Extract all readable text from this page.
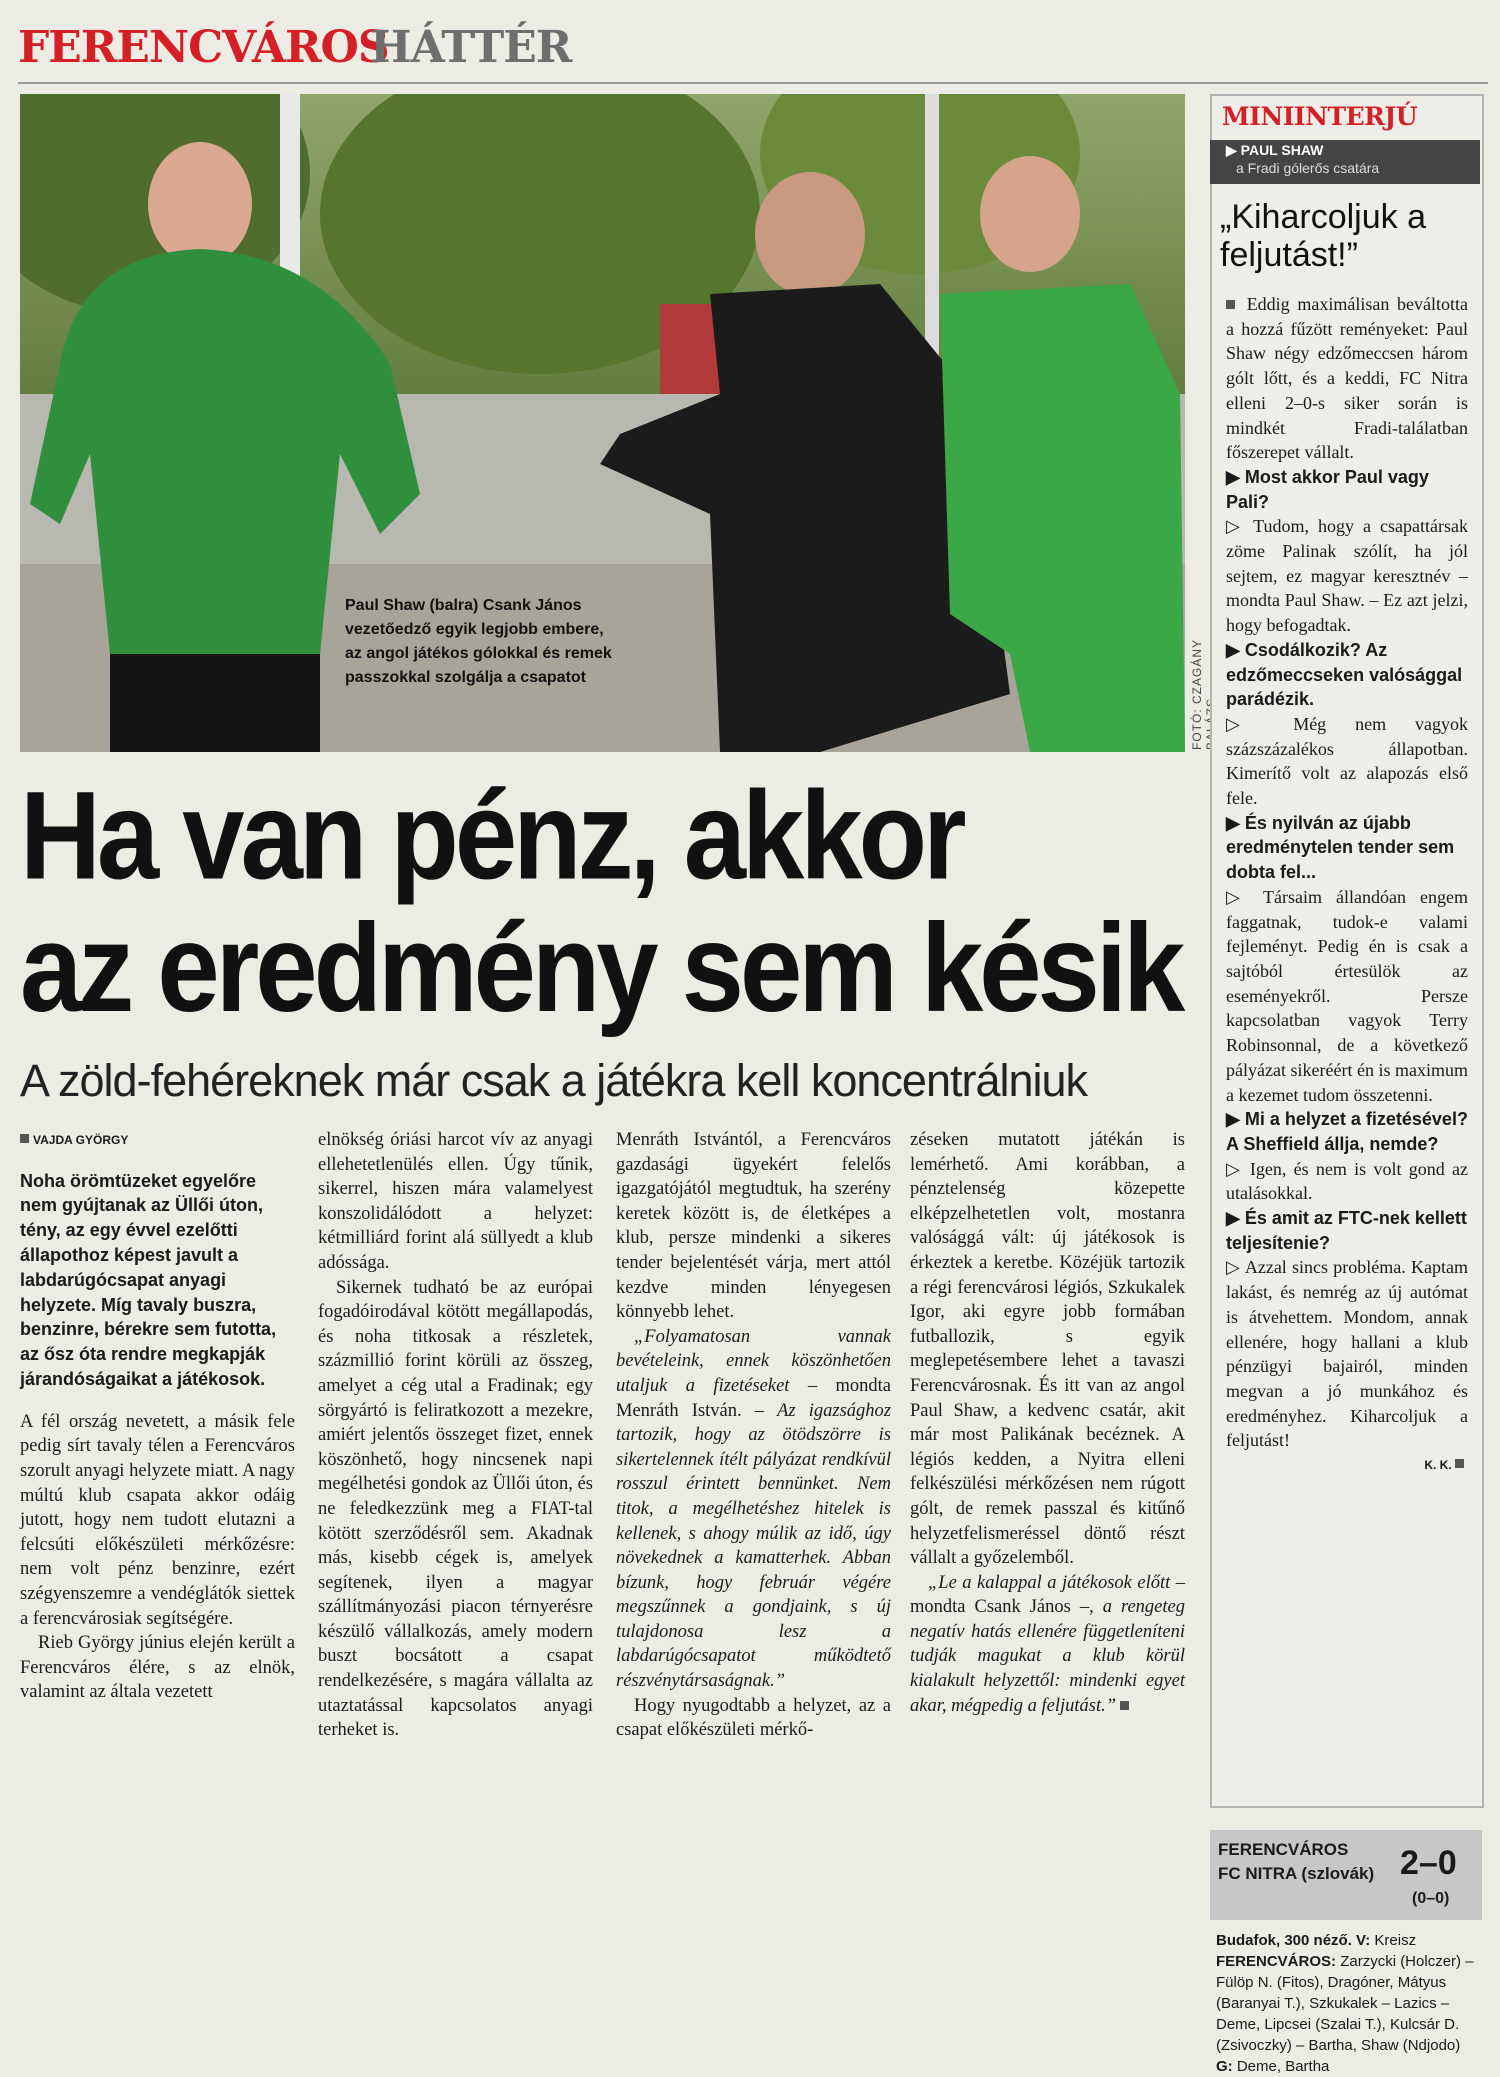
FERENCVÁROS
HÁTTÉR
Paul Shaw (balra) Csank János vezetőedző egyik legjobb embere, az angol játékos gólokkal és remek passzokkal szolgálja a csapatot
FOTÓ: CZAGÁNY
Ha van pénz, akkor
az eredmény sem késik
A zöld-fehéreknek már csak a játékra kell koncentrálniuk
VAJDA GYÖRGY
Noha örömtüzeket egyelőre nem gyújtanak az Üllői úton, tény, az egy évvel ezelőtti állapothoz képest javult a labdarúgócsapat anyagi helyzete. Míg tavaly buszra, benzinre, bérekre sem futotta, az ősz óta rendre megkapják járandóságaikat a játékosok.

A fél ország nevetett, a másik fele pedig sírt tavaly télen a Ferencváros szorult anyagi helyzete miatt. A nagy múltú klub csapata akkor odáig jutott, hogy nem tudott elutazni a felcsúti előkészületi mérkőzésre: nem volt pénz benzinre, ezért szégyenszemre a vendéglátók siettek a ferencvárosiak segítségére.

Rieb György június elején került a Ferencváros élére, s az elnök, valamint az általa vezetett

elnökség óriási harcot vív az anyagi ellehetetlenülés ellen. Úgy tűnik, sikerrel, hiszen mára valamelyest konszolidálódott a helyzet: kétmilliárd forint alá süllyedt a klub adóssága.

Sikernek tudható be az európai fogadóirodával kötött megállapodás, és noha titkosak a részletek, százmillió forint körüli az összeg, amelyet a cég utal a Fradinak; egy sörgyártó is feliratkozott a mezekre, amiért jelentős összeget fizet, ennek köszönhető, hogy nincsenek napi megélhetési gondok az Üllői úton, és ne feledkezzünk meg a FIAT-tal kötött szerződésről sem. Akadnak más, kisebb cégek is, amelyek segítenek, ilyen a magyar szállítmányozási piacon térnyerésre készülő vállalkozás, amely modern buszt bocsátott a csapat rendelkezésére, s magára vállalta az utaztatással kapcsolatos anyagi terheket is.

Menráth Istvántól, a Ferencváros gazdasági ügyekért felelős igazgatójától megtudtuk, ha szerény keretek között is, de életképes a klub, persze mindenki a sikeres tender bejelentését várja, mert attól kezdve minden lényegesen könnyebb lehet.

„Folyamatosan vannak bevételeink, ennek köszönhetően utaljuk a fizetéseket – mondta Menráth István. – Az igazsághoz tartozik, hogy az ötödszörre is sikertelennek ítélt pályázat rendkívül rosszul érintett bennünket. Nem titok, a megélhetéshez hitelek is kellenek, s ahogy múlik az idő, úgy növekednek a kamatterhek. Abban bízunk, hogy február végére megszűnnek a gondjaink, s új tulajdonosa lesz a labdarúgócsapatot működtető részvénytársaságnak.”

Hogy nyugodtabb a helyzet, az a csapat előkészületi mérkő-

zéseken mutatott játékán is lemérhető. Ami korábban, a pénztelenség közepette elképzelhetetlen volt, mostanra valósággá vált: új játékosok is érkeztek a keretbe. Közéjük tartozik a régi ferencvárosi légiós, Szkukalek Igor, aki egyre jobb formában futballozik, s egyik meglepetésembere lehet a tavaszi Ferencvárosnak. És itt van az angol Paul Shaw, a kedvenc csatár, akit már most Palikának becéznek. A légiós kedden, a Nyitra elleni felkészülési mérkőzésen nem rúgott gólt, de remek passzal és kitűnő helyzetfelismeréssel döntő részt vállalt a győzelemből.

„Le a kalappal a játékosok előtt – mondta Csank János –, a rengeteg negatív hatás ellenére függetleníteni tudják magukat a klub körül kialakult helyzettől: mindenki egyet akar, mégpedig a feljutást.”

MINIINTERJÚ
▶ PAUL SHAW
a Fradi gólerős csatára
„Kiharcoljuk a feljutást!”

Eddig maximálisan beváltotta a hozzá fűzött reményeket: Paul Shaw négy edzőmeccsen három gólt lőtt, és a keddi, FC Nitra elleni 2–0-s siker során is mindkét Fradi-találatban főszerepet vállalt.

▶ Most akkor Paul vagy Pali?

▷ Tudom, hogy a csapattársak zöme Palinak szólít, ha jól sejtem, ez magyar keresztnév – mondta Paul Shaw. – Ez azt jelzi, hogy befogadtak.

▶ Csodálkozik? Az edzőmeccseken valósággal parádézik.

▷ Még nem vagyok százszázalékos állapotban. Kimerítő volt az alapozás első fele.

▶ És nyilván az újabb eredménytelen tender sem dobta fel...

▷ Társaim állandóan engem faggatnak, tudok-e valami fejleményt. Pedig én is csak a sajtóból értesülök az eseményekről. Persze kapcsolatban vagyok Terry Robinsonnal, de a következő pályázat sikeréért én is maximum a kezemet tudom összetenni.

▶ Mi a helyzet a fizetésével? A Sheffield állja, nemde?

▷ Igen, és nem is volt gond az utalásokkal.

▶ És amit az FTC-nek kellett teljesítenie?

▷ Azzal sincs probléma. Kaptam lakást, és nemrég az új autómat is átvehettem. Mondom, annak ellenére, hogy hallani a klub pénzügyi bajairól, minden megvan a jó munkához és eredményhez. Kiharcoljuk a feljutást!

K. K.

FERENCVÁROS
FC NITRA (szlovák) 2–0
(0–0)
Budafok, 300 néző. V: Kreisz
FERENCVÁROS: Zarzycki (Holczer) – Fülöp N. (Fitos), Dragóner, Mátyus (Baranyai T.), Szkukalek – Lazics – Deme, Lipcsei (Szalai T.), Kulcsár D. (Zsivoczky) – Bartha, Shaw (Ndjodo)
G: Deme, Bartha
